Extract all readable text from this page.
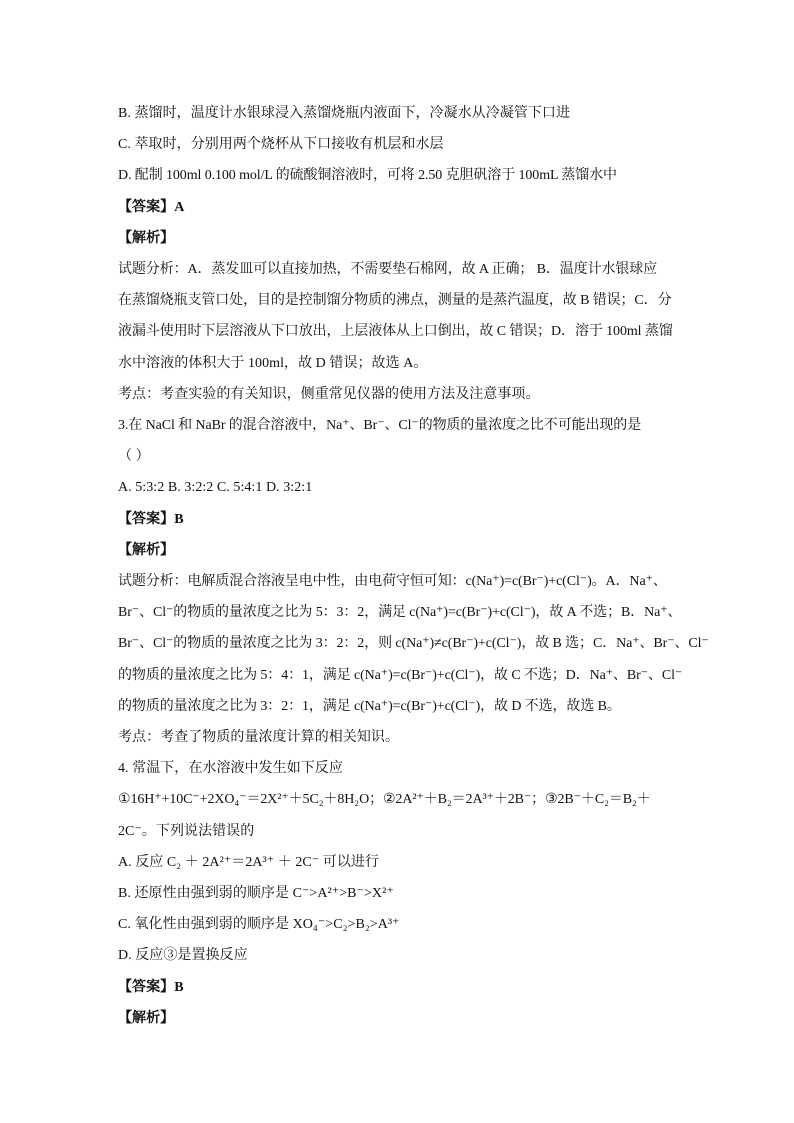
B. 蒸馏时，温度计水银球浸入蒸馏烧瓶内液面下，冷凝水从冷凝管下口进
C. 萃取时，分别用两个烧杯从下口接收有机层和水层
D. 配制 100ml 0.100 mol/L 的硫酸铜溶液时，可将 2.50 克胆矾溶于 100mL 蒸馏水中
【答案】A
【解析】
试题分析：A．蒸发皿可以直接加热，不需要垫石棉网，故 A 正确； B．温度计水银球应
在蒸馏烧瓶支管口处，目的是控制馏分物质的沸点，测量的是蒸汽温度，故 B 错误；C．分
液漏斗使用时下层溶液从下口放出，上层液体从上口倒出，故 C 错误；D．溶于 100ml 蒸馏
水中溶液的体积大于 100ml，故 D 错误；故选 A。
考点：考查实验的有关知识，侧重常见仪器的使用方法及注意事项。
3.在 NaCl 和 NaBr 的混合溶液中，Na⁺、Br⁻、Cl⁻的物质的量浓度之比不可能出现的是
（ ）
A. 5:3:2 B. 3:2:2 C. 5:4:1 D. 3:2:1
【答案】B
【解析】
试题分析：电解质混合溶液呈电中性，由电荷守恒可知：c(Na⁺)=c(Br⁻)+c(Cl⁻)。A．Na⁺、
Br⁻、Cl⁻的物质的量浓度之比为 5：3：2，满足 c(Na⁺)=c(Br⁻)+c(Cl⁻)，故 A 不选；B．Na⁺、
Br⁻、Cl⁻的物质的量浓度之比为 3：2：2，则 c(Na⁺)≠c(Br⁻)+c(Cl⁻)，故 B 选；C．Na⁺、Br⁻、Cl⁻
的物质的量浓度之比为 5：4：1，满足 c(Na⁺)=c(Br⁻)+c(Cl⁻)，故 C 不选；D．Na⁺、Br⁻、Cl⁻
的物质的量浓度之比为 3：2：1，满足 c(Na⁺)=c(Br⁻)+c(Cl⁻)，故 D 不选，故选 B。
考点：考查了物质的量浓度计算的相关知识。
4. 常温下，在水溶液中发生如下反应
①16H⁺+10C⁻+2XO₄⁻＝2X²⁺＋5C₂＋8H₂O；②2A²⁺＋B₂＝2A³⁺＋2B⁻；③2B⁻＋C₂＝B₂＋
2C⁻。下列说法错误的
A. 反应 C₂ ＋ 2A²⁺＝2A³⁺ ＋ 2C⁻ 可以进行
B. 还原性由强到弱的顺序是 C⁻>A²⁺>B⁻>X²⁺
C. 氧化性由强到弱的顺序是 XO₄⁻>C₂>B₂>A³⁺
D. 反应③是置换反应
【答案】B
【解析】
